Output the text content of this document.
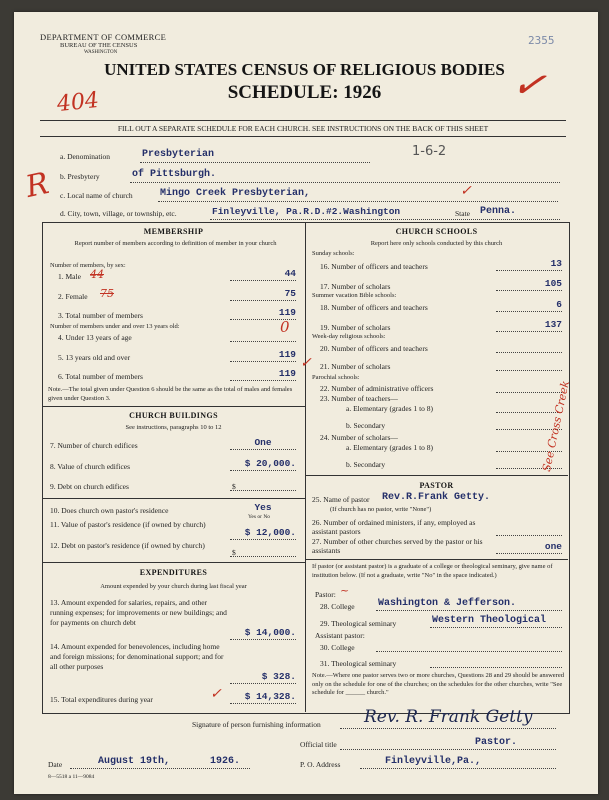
DEPARTMENT OF COMMERCE
BUREAU OF THE CENSUS
WASHINGTON
2355
UNITED STATES CENSUS OF RELIGIOUS BODIES
SCHEDULE: 1926
404	✓
R
FILL OUT A SEPARATE SCHEDULE FOR EACH CHURCH. SEE INSTRUCTIONS ON THE BACK OF THIS SHEET
a. Denomination	Presbyterian	1-6-2
b. Presbytery	of Pittsburgh.
c. Local name of church	Mingo Creek Presbyterian,	✓
d. City, town, village, or township, etc.	Finleyville, Pa.R.D.#2.Washington	State Penna.
MEMBERSHIP
Report number of members according to definition of member in your church
Number of members, by sex:
1. Male 44	44
2. Female 75	75
3. Total number of members	119
Number of members under and over 13 years old:
4. Under 13 years of age
0
5. 13 years old and over	119
6. Total number of members	119
Note.—The total given under Question 6 should be the same as the total of males and females given under Question 3.
CHURCH BUILDINGS
See instructions, paragraphs 10 to 12
7. Number of church edifices	One
8. Value of church edifices	$ 20,000.
9. Debt on church edifices	$
10. Does church own pastor's residence	Yes
Yes or No
11. Value of pastor's residence (if owned by church)
$ 12,000.
12. Debt on pastor's residence (if owned by church)
$
EXPENDITURES
Amount expended by your church during last fiscal year
13. Amount expended for salaries, repairs, and other running expenses; for improvements or new buildings; and for payments on church debt
$ 14,000.
14. Amount expended for benevolences, including home and foreign missions; for denominational support; and for all other purposes
$ 328.
15. Total expenditures during year	$ 14,328.
✓
CHURCH SCHOOLS
Report here only schools conducted by this church
Sunday schools:
16. Number of officers and teachers	13
17. Number of scholars	105
Summer vacation Bible schools:
18. Number of officers and teachers	6
19. Number of scholars	137
Week-day religious schools:
20. Number of officers and teachers
21. Number of scholars
✓
Parochial schools:
22. Number of administrative officers
23. Number of teachers—
a. Elementary (grades 1 to 8)
b. Secondary
24. Number of scholars—
a. Elementary (grades 1 to 8)
b. Secondary
PASTOR
25. Name of pastor Rev.R.Frank Getty.
(If church has no pastor, write "None")
26. Number of ordained ministers, if any, employed as assistant pastors
27. Number of other churches served by the pastor or his assistants	one
See Cross Creek
If pastor (or assistant pastor) is a graduate of a college or theological seminary, give name of institution below. (If not a graduate, write "No" in the space indicated.)
Pastor: ~
28. College Washington & Jefferson.
29. Theological seminary	Western Theological
Assistant pastor:
30. College
31. Theological seminary
Note.—Where one pastor serves two or more churches, Questions 28 and 29 should be answered only on the schedule for one of the churches; on the schedules for the other churches, write "See schedule for ______ church."
Signature of person furnishing information	Rev. R. Frank Getty
Official title	Pastor.
Date	August 19th,	1926.	P. O. Address	Finleyville,Pa.,
8—5518 a 11—9084
